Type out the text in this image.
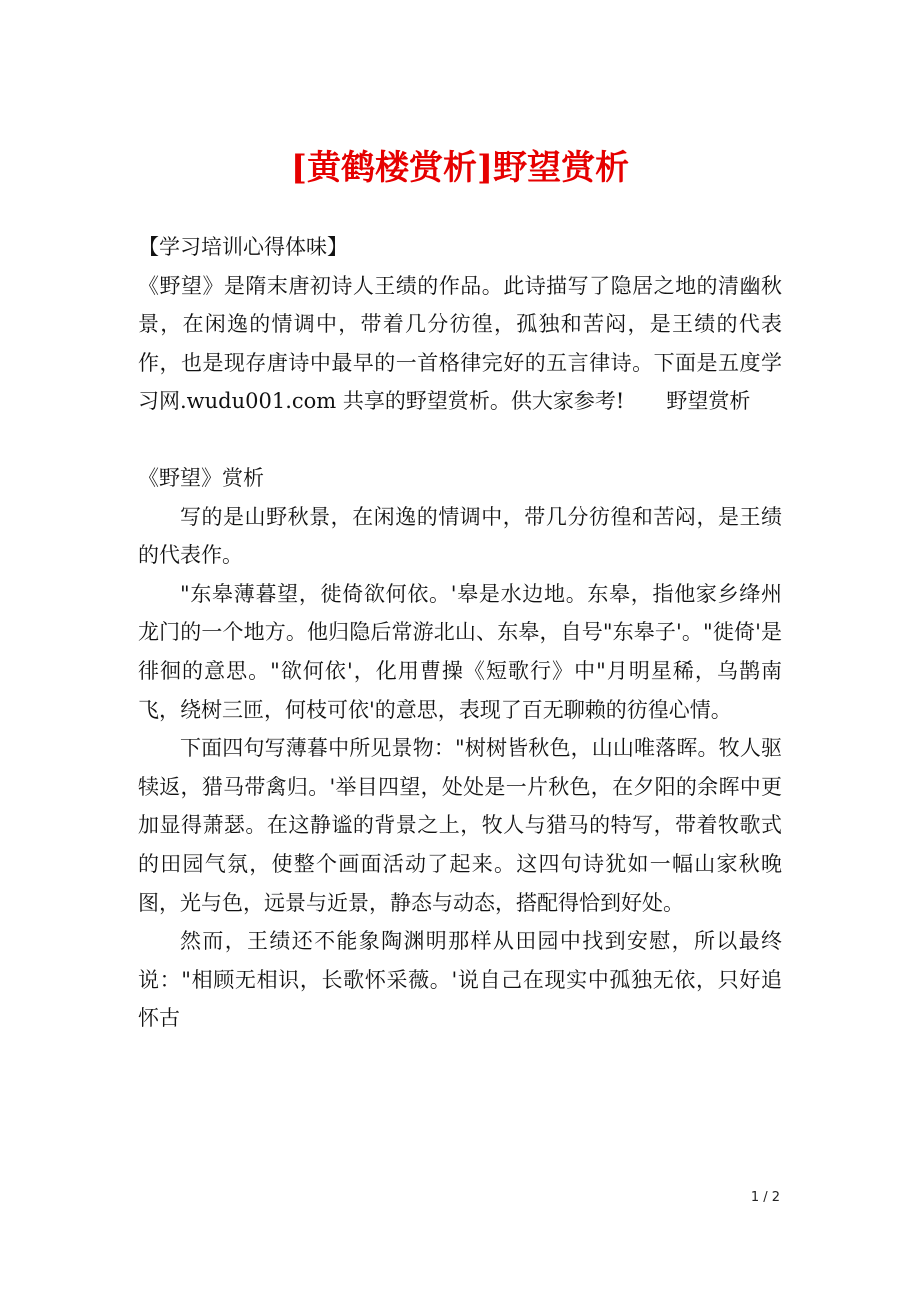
[黄鹤楼赏析]野望赏析

【学习培训心得体味】

《野望》是隋末唐初诗人王绩的作品。此诗描写了隐居之地的清幽秋景，在闲逸的情调中，带着几分彷徨，孤独和苦闷，是王绩的代表作，也是现存唐诗中最早的一首格律完好的五言律诗。下面是五度学习网.wudu001.com 共享的野望赏析。供大家参考!　　野望赏析

《野望》赏析

写的是山野秋景，在闲逸的情调中，带几分彷徨和苦闷，是王绩的代表作。

"东皋薄暮望，徙倚欲何依。'皋是水边地。东皋，指他家乡绛州龙门的一个地方。他归隐后常游北山、东皋，自号"东皋子'。"徙倚'是徘徊的意思。"欲何依'，化用曹操《短歌行》中"月明星稀，乌鹊南飞，绕树三匝，何枝可依'的意思，表现了百无聊赖的彷徨心情。

下面四句写薄暮中所见景物："树树皆秋色，山山唯落晖。牧人驱犊返，猎马带禽归。'举目四望，处处是一片秋色，在夕阳的余晖中更加显得萧瑟。在这静谧的背景之上，牧人与猎马的特写，带着牧歌式的田园气氛，使整个画面活动了起来。这四句诗犹如一幅山家秋晚图，光与色，远景与近景，静态与动态，搭配得恰到好处。

然而，王绩还不能象陶渊明那样从田园中找到安慰，所以最终说："相顾无相识，长歌怀采薇。'说自己在现实中孤独无依，只好追怀古

1 / 2
